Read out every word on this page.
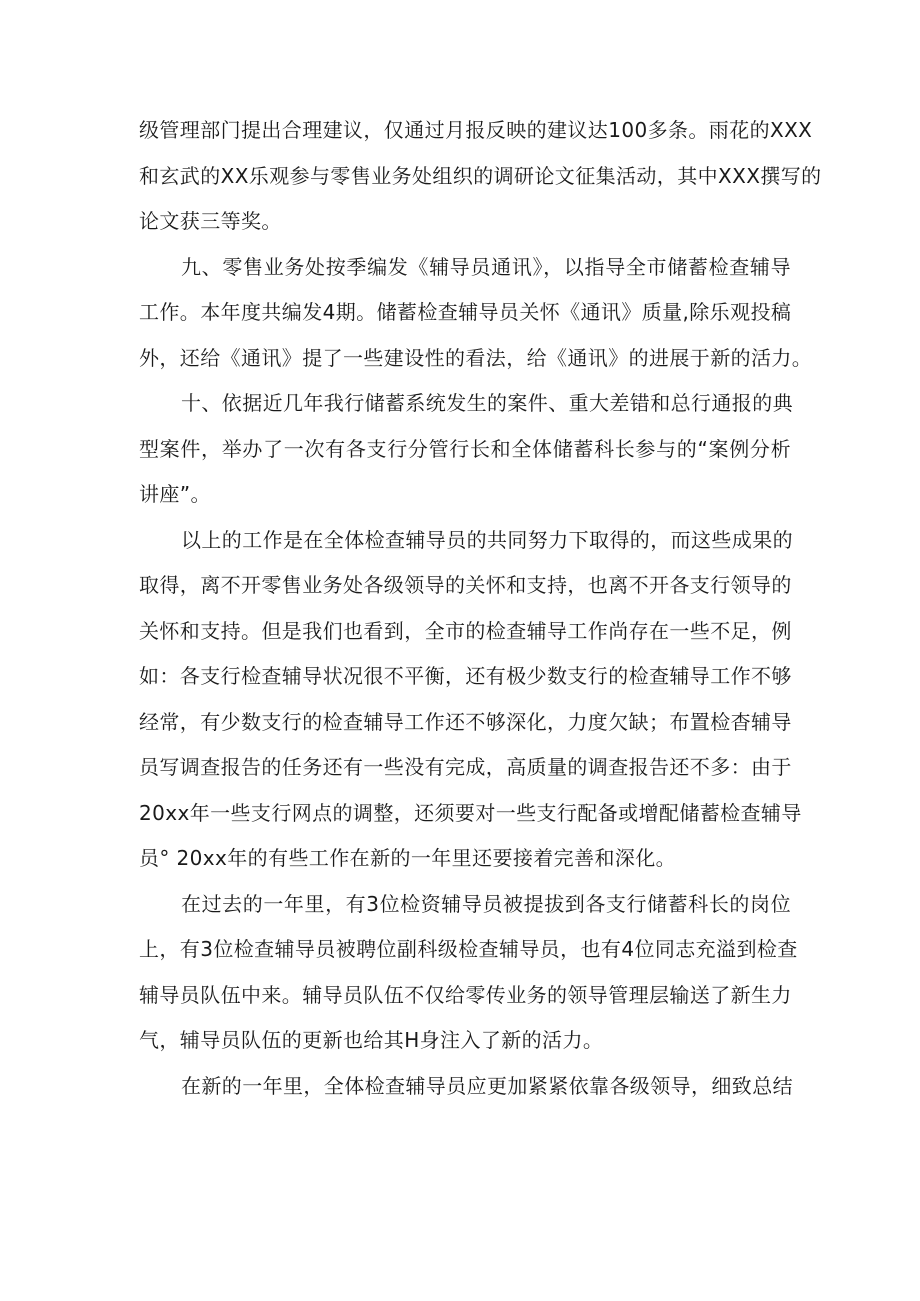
级管理部门提出合理建议，仅通过月报反映的建议达100多条。雨花的XXX
和玄武的XX乐观参与零售业务处组织的调研论文征集活动，其中XXX撰写的
论文获三等奖。

九、零售业务处按季编发《辅导员通讯》，以指导全市储蓄检查辅导
工作。本年度共编发4期。储蓄检查辅导员关怀《通讯》质量,除乐观投稿
外，还给《通讯》提了一些建设性的看法，给《通讯》的进展于新的活力。

十、依据近几年我行储蓄系统发生的案件、重大差错和总行通报的典
型案件，举办了一次有各支行分管行长和全体储蓄科长参与的“案例分析
讲座”。

以上的工作是在全体检查辅导员的共同努力下取得的，而这些成果的
取得，离不开零售业务处各级领导的关怀和支持，也离不开各支行领导的
关怀和支持。但是我们也看到，全市的检查辅导工作尚存在一些不足，例
如：各支行检查辅导状况很不平衡，还有极少数支行的检查辅导工作不够
经常，有少数支行的检查辅导工作还不够深化，力度欠缺；布置检杳辅导
员写调查报告的任务还有一些没有完成，高质量的调查报告还不多：由于
20xx年一些支行网点的调整，还须要对一些支行配备或增配储蓄检查辅导
员° 20xx年的有些工作在新的一年里还要接着完善和深化。

在过去的一年里，有3位检资辅导员被提拔到各支行储蓄科长的岗位
上，有3位检查辅导员被聘位副科级检查辅导员，也有4位同志充溢到检查
辅导员队伍中来。辅导员队伍不仅给零传业务的领导管理层输送了新生力
气，辅导员队伍的更新也给其H身注入了新的活力。

在新的一年里，全体检查辅导员应更加紧紧依靠各级领导，细致总结
